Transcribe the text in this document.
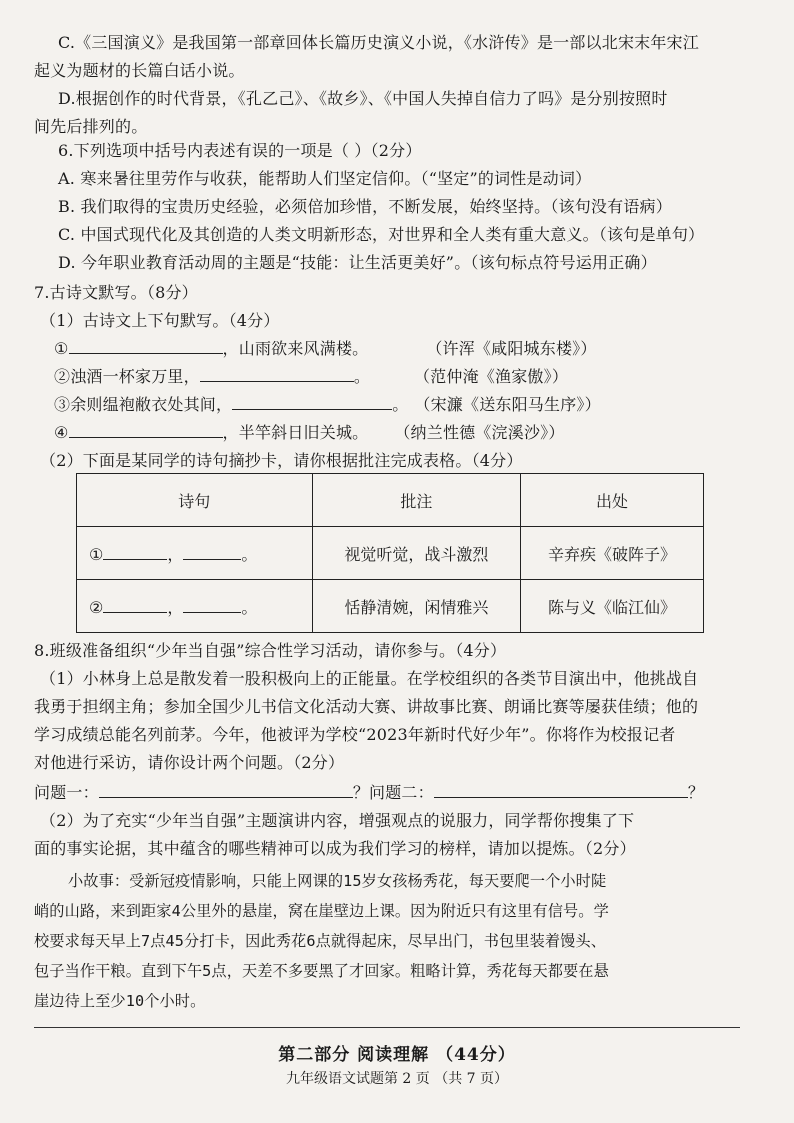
C.《三国演义》是我国第一部章回体长篇历史演义小说，《水浒传》是一部以北宋末年宋江
起义为题材的长篇白话小说。
D.根据创作的时代背景，《孔乙己》、《故乡》、《中国人失掉自信力了吗》是分别按照时
间先后排列的。
6.下列选项中括号内表述有误的一项是（ ）（2分）
A. 寒来暑往里劳作与收获，能帮助人们坚定信仰。（“坚定”的词性是动词）
B. 我们取得的宝贵历史经验，必须倍加珍惜，不断发展，始终坚持。（该句没有语病）
C. 中国式现代化及其创造的人类文明新形态，对世界和全人类有重大意义。（该句是单句）
D. 今年职业教育活动周的主题是“技能：让生活更美好”。（该句标点符号运用正确）
7.古诗文默写。（8分）
（1）古诗文上下句默写。（4分）
①	，山雨欲来风满楼。	（许浑《咸阳城东楼》）
②浊酒一杯家万里，	。	（范仲淹《渔家傲》）
③余则缊袍敝衣处其间，	。 （宋濂《送东阳马生序》）
④	，半竿斜日旧关城。 （纳兰性德《浣溪沙》）
（2）下面是某同学的诗句摘抄卡，请你根据批注完成表格。（4分）
诗句	批注	出处
① ， 。	视觉听觉，战斗激烈	辛弃疾《破阵子》
② ， 。	恬静清婉，闲情雅兴	陈与义《临江仙》
8.班级准备组织“少年当自强”综合性学习活动，请你参与。（4分）
（1）小林身上总是散发着一股积极向上的正能量。在学校组织的各类节目演出中，他挑战自
我勇于担纲主角；参加全国少儿书信文化活动大赛、讲故事比赛、朗诵比赛等屡获佳绩；他的
学习成绩总能名列前茅。今年，他被评为学校“2023年新时代好少年”。你将作为校报记者
对他进行采访，请你设计两个问题。（2分）
问题一：	？问题二：	？
（2）为了充实“少年当自强”主题演讲内容，增强观点的说服力，同学帮你搜集了下
面的事实论据，其中蕴含的哪些精神可以成为我们学习的榜样，请加以提炼。（2分）
小故事：受新冠疫情影响，只能上网课的15岁女孩杨秀花，每天要爬一个小时陡
峭的山路，来到距家4公里外的悬崖，窝在崖壁边上课。因为附近只有这里有信号。学
校要求每天早上7点45分打卡，因此秀花6点就得起床，尽早出门，书包里装着馒头、
包子当作干粮。直到下午5点，天差不多要黑了才回家。粗略计算，秀花每天都要在悬
崖边待上至少10个小时。
第二部分 阅读理解 （44分）
九年级语文试题第 2 页 （共 7 页）
